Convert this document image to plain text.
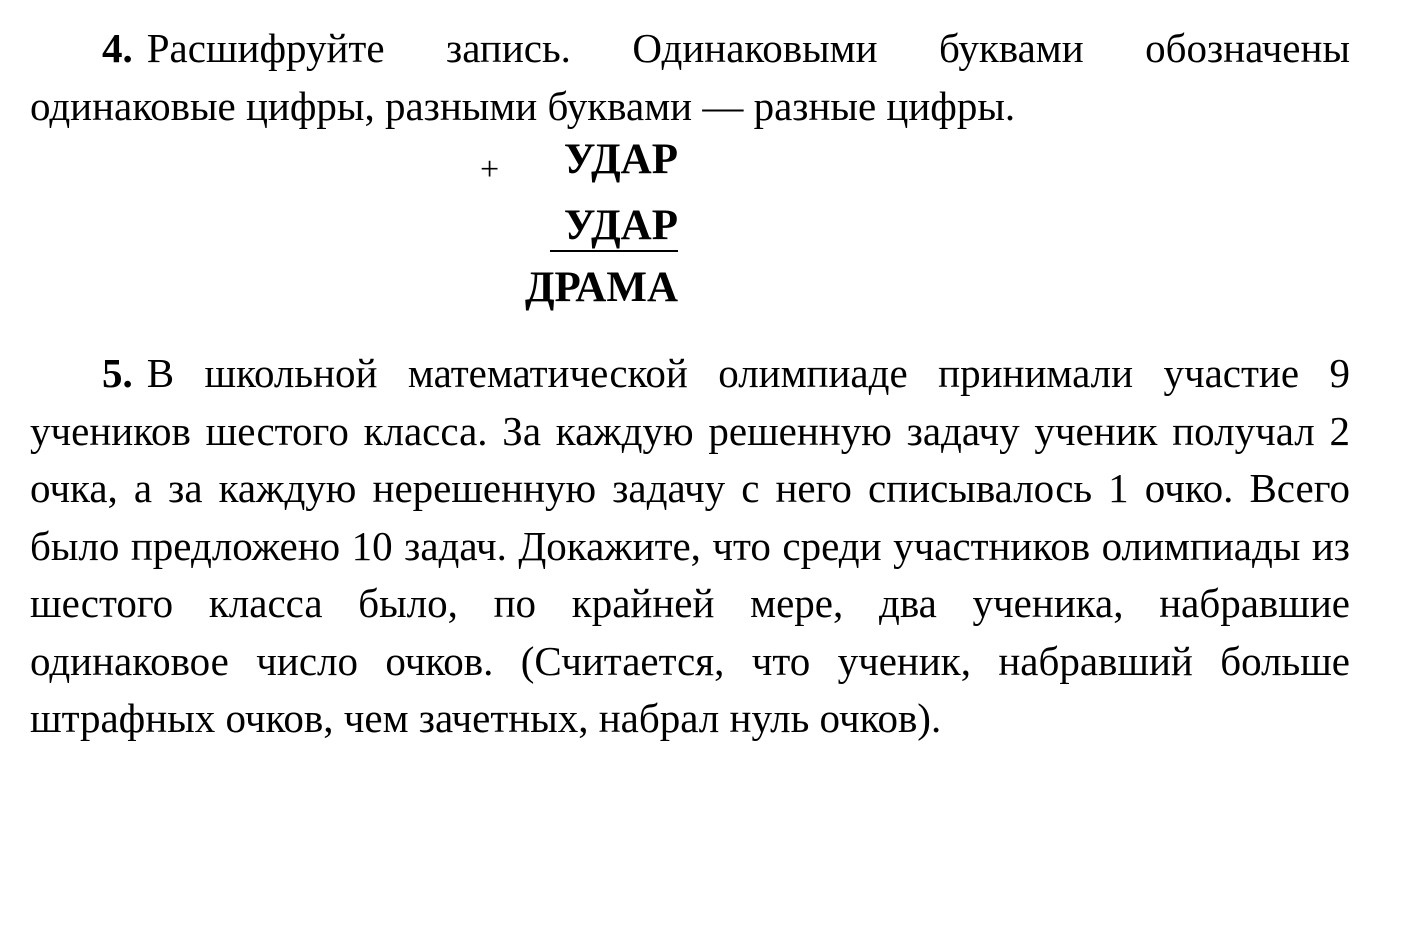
4. Расшифруйте запись. Одинаковыми буквами обозначены одинаковые цифры, разными буквами — разные цифры.

+ УДАР
УДАР
ДРАМА

5. В школьной математической олимпиаде принимали участие 9 учеников шестого класса. За каждую решенную задачу ученик получал 2 очка, а за каждую нерешенную задачу с него списывалось 1 очко. Всего было предложено 10 задач. Докажите, что среди участников олимпиады из шестого класса было, по крайней мере, два ученика, набравшие одинаковое число очков. (Считается, что ученик, набравший больше штрафных очков, чем зачетных, набрал нуль очков).
